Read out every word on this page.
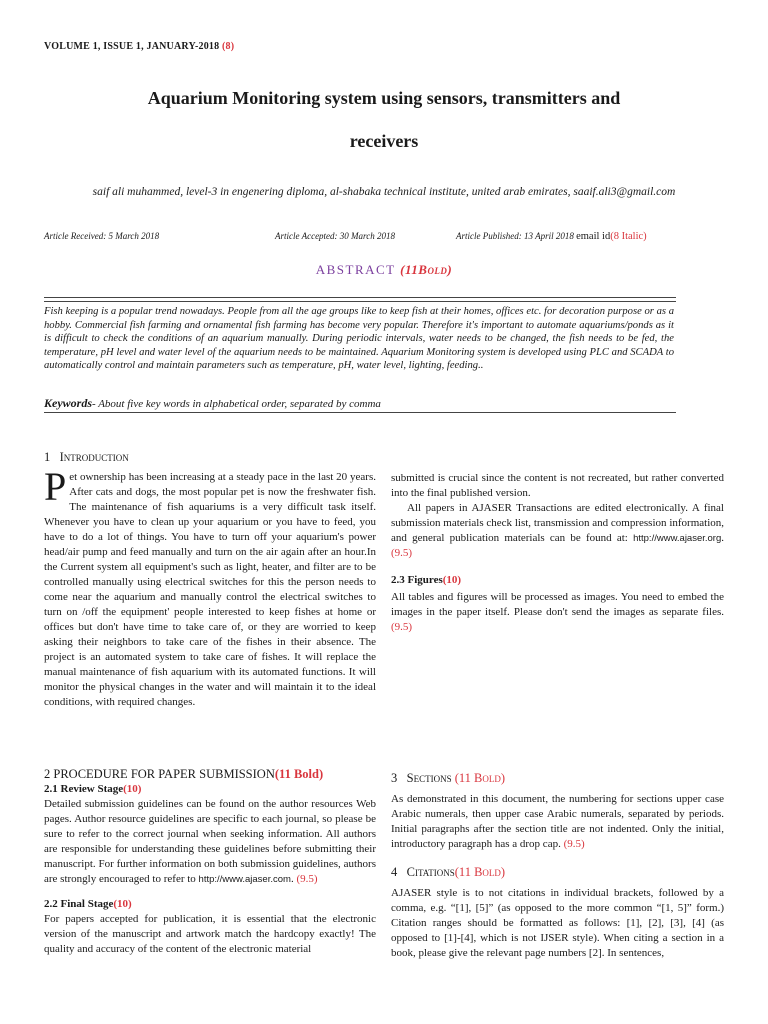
VOLUME 1, ISSUE 1, JANUARY-2018 (8)
Aquarium Monitoring system using sensors, transmitters and
receivers
saif ali muhammed, level-3 in engenering diploma, al-shabaka technical institute, united arab emirates, saaif.ali3@gmail.com
Article Received: 5 March 2018	Article Accepted: 30 March 2018	Article Published: 13 April 2018 email id(8 Italic)
ABSTRACT (11Bold)
Fish keeping is a popular trend nowadays. People from all the age groups like to keep fish at their homes, offices etc. for decoration purpose or as a hobby. Commercial fish farming and ornamental fish farming has become very popular. Therefore it's important to automate aquariums/ponds as it is difficult to check the conditions of an aquarium manually. During periodic intervals, water needs to be changed, the fish needs to be fed, the temperature, pH level and water level of the aquarium needs to be maintained. Aquarium Monitoring system is developed using PLC and SCADA to automatically control and maintain parameters such as temperature, pH, water level, lighting, feeding..
Keywords- About five key words in alphabetical order, separated by comma
1 Introduction

Pet ownership has been increasing at a steady pace in the last 20 years. After cats and dogs, the most popular pet is now the freshwater fish. The maintenance of fish aquariums is a very difficult task itself. Whenever you have to clean up your aquarium or you have to feed, you have to do a lot of things. You have to turn off your aquarium's power head/air pump and feed manually and turn on the air again after an hour.In the Current system all equipment's such as light, heater, and filter are to be controlled manually using electrical switches for this the person needs to come near the aquarium and manually control the electrical switches to turn on /off the equipment' people interested to keep fishes at home or offices but don't have time to take care of, or they are worried to keep asking their neighbors to take care of the fishes in their absence. The project is an automated system to take care of fishes. It will replace the manual maintenance of fish aquarium with its automated functions. It will monitor the physical changes in the water and will maintain it to the ideal conditions, with required changes.

submitted is crucial since the content is not recreated, but rather converted into the final published version.

All papers in AJASER Transactions are edited electronically. A final submission materials check list, transmission and compression information, and general publication materials can be found at: http://www.ajaser.org. (9.5)

2.3 Figures(10)

All tables and figures will be processed as images. You need to embed the images in the paper itself. Please don't send the images as separate files. (9.5)

2 PROCEDURE FOR PAPER SUBMISSION(11 Bold)

2.1 Review Stage(10)

Detailed submission guidelines can be found on the author resources Web pages. Author resource guidelines are specific to each journal, so please be sure to refer to the correct journal when seeking information. All authors are responsible for understanding these guidelines before submitting their manuscript. For further information on both submission guidelines, authors are strongly encouraged to refer to http://www.ajaser.com. (9.5)

2.2 Final Stage(10)

For papers accepted for publication, it is essential that the electronic version of the manuscript and artwork match the hardcopy exactly! The quality and accuracy of the content of the electronic material

3 Sections (11 Bold)

As demonstrated in this document, the numbering for sections upper case Arabic numerals, then upper case Arabic numerals, separated by periods. Initial paragraphs after the section title are not indented. Only the initial, introductory paragraph has a drop cap. (9.5)

4 Citations(11 Bold)

AJASER style is to not citations in individual brackets, followed by a comma, e.g. “[1], [5]” (as opposed to the more common “[1, 5]” form.) Citation ranges should be formatted as follows: [1], [2], [3], [4] (as opposed to [1]-[4], which is not IJSER style). When citing a section in a book, please give the relevant page numbers [2]. In sentences,
